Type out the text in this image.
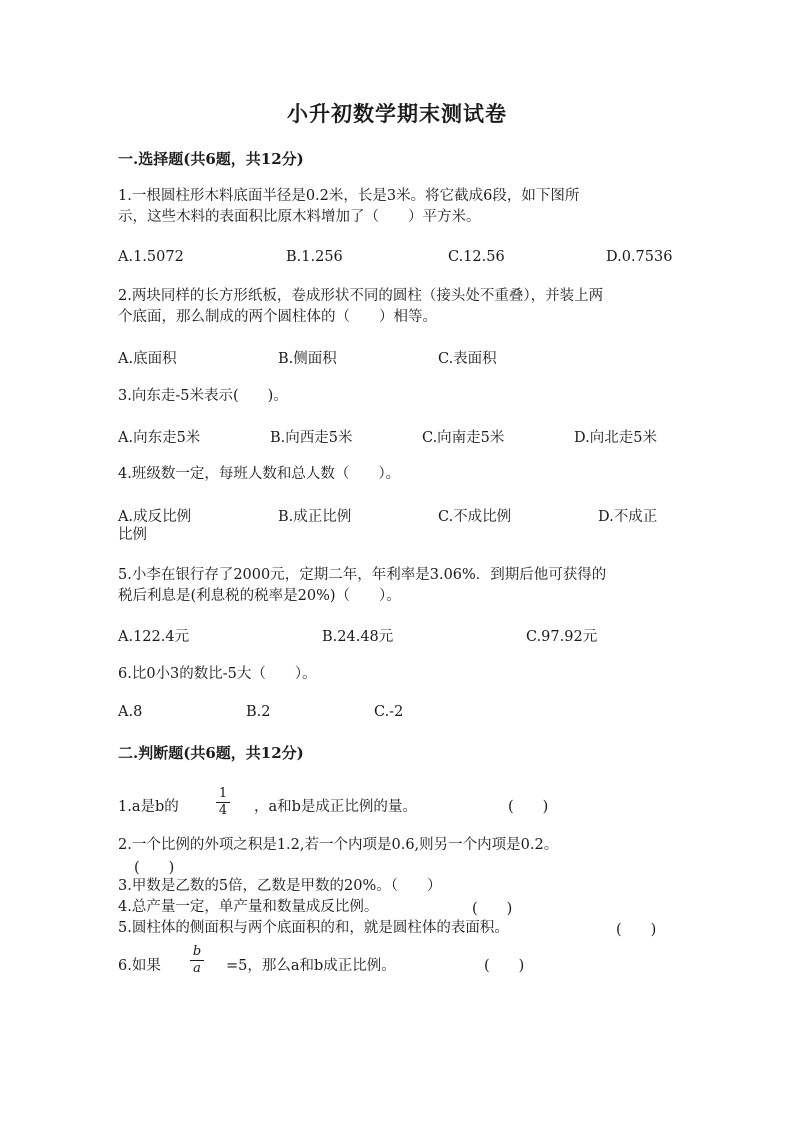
小升初数学期末测试卷
一.选择题(共6题，共12分)
1.一根圆柱形木料底面半径是0.2米，长是3米。将它截成6段，如下图所
示，这些木料的表面积比原木料增加了（　　）平方米。
A.1.5072	B.1.256	C.12.56	D.0.7536
2.两块同样的长方形纸板，卷成形状不同的圆柱（接头处不重叠），并装上两
个底面，那么制成的两个圆柱体的（　　）相等。
A.底面积	B.侧面积	C.表面积
3.向东走-5米表示(　　)。
A.向东走5米	B.向西走5米	C.向南走5米	D.向北走5米
4.班级数一定，每班人数和总人数（　　）。
A.成反比例	B.成正比例	C.不成比例	D.不成正
比例
5.小李在银行存了2000元，定期二年，年利率是3.06%．到期后他可获得的
税后利息是(利息税的税率是20%)（　　）。
A.122.4元	B.24.48元	C.97.92元
6.比0小3的数比-5大（　　）。
A.8	B.2	C.-2
二.判断题(共6题，共12分)
1.a是b的
1
4 ，a和b是成正比例的量。	(　　)
2.一个比例的外项之积是1.2,若一个内项是0.6,则另一个内项是0.2。
(　　)
3.甲数是乙数的5倍，乙数是甲数的20%。（　　）
4.总产量一定，单产量和数量成反比例。	(　　)
5.圆柱体的侧面积与两个底面积的和，就是圆柱体的表面积。	(　　)
6.如果
b
a =5，那么a和b成正比例。	(　　)
